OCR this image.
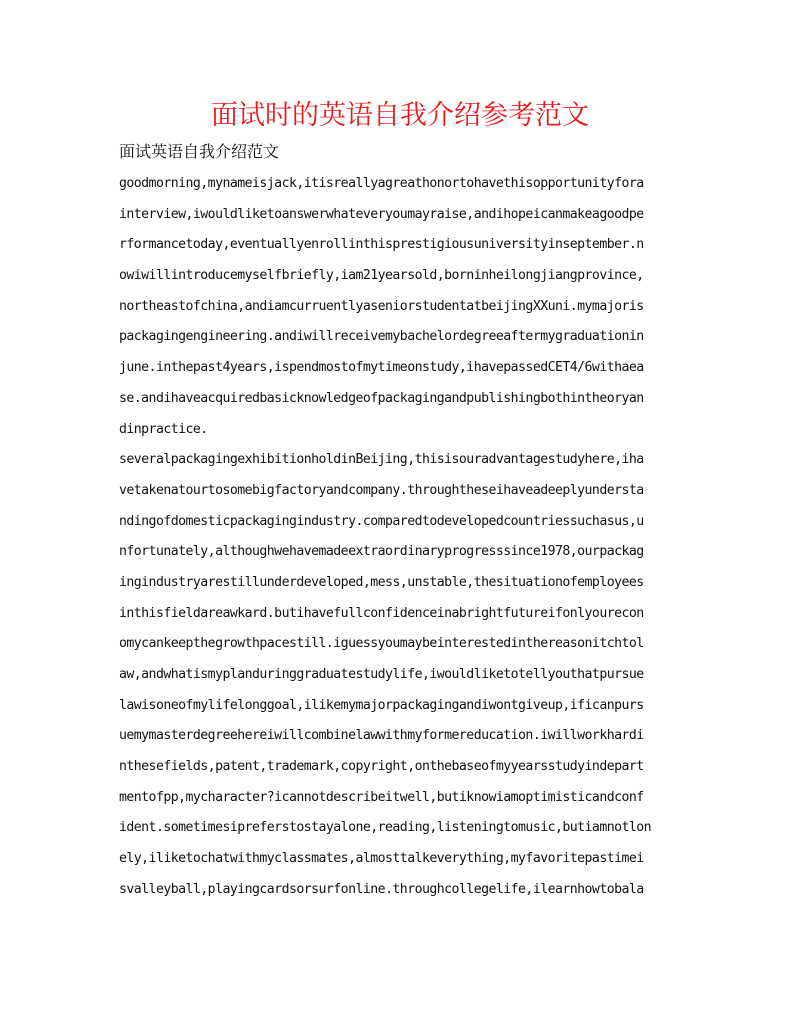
面试时的英语自我介绍参考范文
面试英语自我介绍范文
goodmorning,mynameisjack,itisreallyagreathonortohavethisopportunityfora
interview,iwouldliketoanswerwhateveryoumayraise,andihopeicanmakeagoodpe
rformancetoday,eventuallyenrollinthisprestigiousuniversityinseptember.n
owiwillintroducemyselfbriefly,iam21yearsold,borninheilongjiangprovince,
northeastofchina,andiamcurruentlyaseniorstudentatbeijingXXuni.mymajoris
packagingengineering.andiwillreceivemybachelordegreeaftermygraduationin
june.inthepast4years,ispendmostofmytimeonstudy,ihavepassedCET4/6withaea
se.andihaveacquiredbasicknowledgeofpackagingandpublishingbothintheoryan
dinpractice.
severalpackagingexhibitionholdinBeijing,thisisouradvantagestudyhere,iha
vetakenatourtosomebigfactoryandcompany.throughtheseihaveadeeplyundersta
ndingofdomesticpackagingindustry.comparedtodevelopedcountriessuchasus,u
nfortunately,althoughwehavemadeextraordinaryprogresssince1978,ourpackag
ingindustryarestillunderdeveloped,mess,unstable,thesituationofemployees
inthisfieldareawkard.butihavefullconfidenceinabrightfutureifonlyourecon
omycankeepthegrowthpacestill.iguessyoumaybeinterestedinthereasonitchtol
aw,andwhatismyplanduringgraduatestudylife,iwouldliketotellyouthatpursue
lawisoneofmylifelonggoal,ilikemymajorpackagingandiwontgiveup,ificanpurs
uemymasterdegreehereiwillcombinelawwithmyformereducation.iwillworkhardi
nthesefields,patent,trademark,copyright,onthebaseofmyyearsstudyindepart
mentofpp,mycharacter?icannotdescribeitwell,butiknowiamoptimisticandconf
ident.sometimesipreferstostayalone,reading,listeningtomusic,butiamnotlon
ely,iliketochatwithmyclassmates,almosttalkeverything,myfavoritepastimei
svalleyball,playingcardsorsurfonline.throughcollegelife,ilearnhowtobala
